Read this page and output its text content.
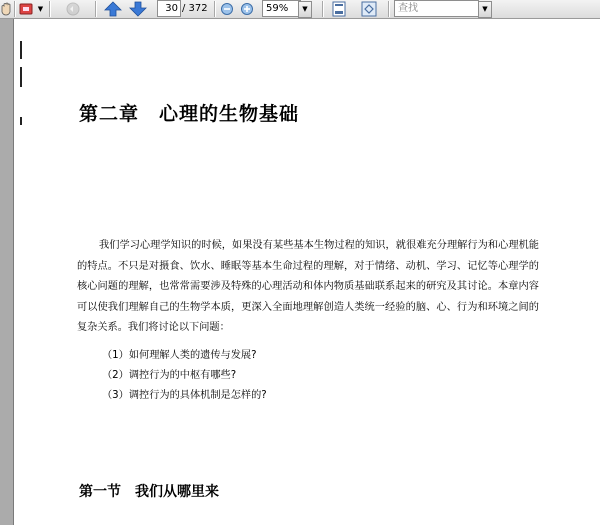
▼	30 / 372	59%	▼	查找	▼
第二章　心理的生物基础
我们学习心理学知识的时候，如果没有某些基本生物过程的知识，就很难充分理解行为和心理机能的特点。不只是对摄食、饮水、睡眠等基本生命过程的理解，对于情绪、动机、学习、记忆等心理学的核心问题的理解，也常常需要涉及特殊的心理活动和体内物质基础联系起来的研究及其讨论。本章内容可以使我们理解自己的生物学本质，更深入全面地理解创造人类统一经验的脑、心、行为和环境之间的复杂关系。我们将讨论以下问题：
（1）如何理解人类的遗传与发展?
（2）调控行为的中枢有哪些?
（3）调控行为的具体机制是怎样的?
第一节　我们从哪里来
